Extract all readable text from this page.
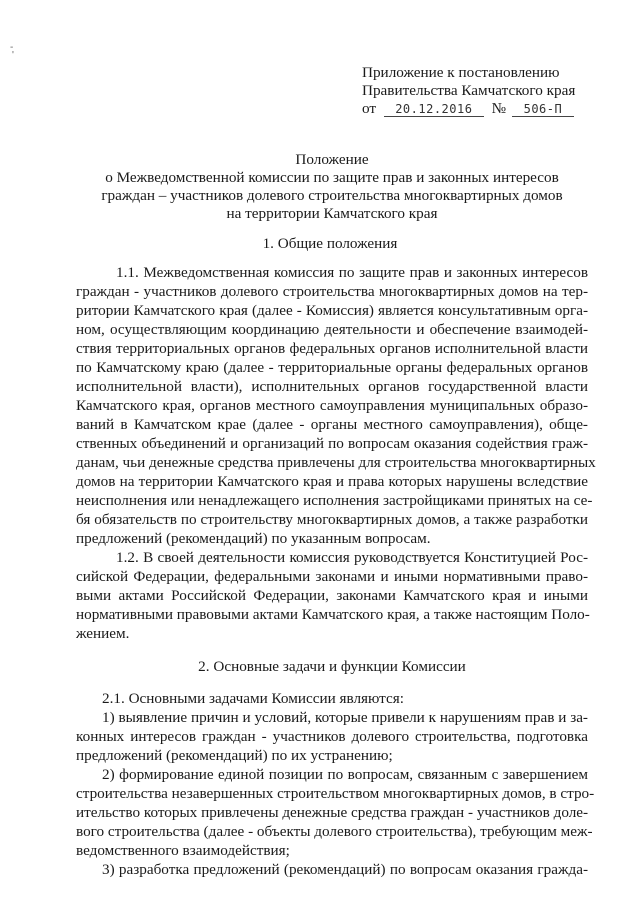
-
'
Приложение к постановлению
Правительства Камчатского края
от 20.12.2016 № 506-П
Положение
о Межведомственной комиссии по защите прав и законных интересов
граждан – участников долевого строительства многоквартирных домов
на территории Камчатского края
1. Общие положения
1.1. Межведомственная комиссия по защите прав и законных интересов
граждан - участников долевого строительства многоквартирных домов на тер-
ритории Камчатского края (далее - Комиссия) является консультативным орга-
ном, осуществляющим координацию деятельности и обеспечение взаимодей-
ствия территориальных органов федеральных органов исполнительной власти
по Камчатскому краю (далее - территориальные органы федеральных органов
исполнительной власти), исполнительных органов государственной власти
Камчатского края, органов местного самоуправления муниципальных образо-
ваний в Камчатском крае (далее - органы местного самоуправления), обще-
ственных объединений и организаций по вопросам оказания содействия граж-
данам, чьи денежные средства привлечены для строительства многоквартирных
домов на территории Камчатского края и права которых нарушены вследствие
неисполнения или ненадлежащего исполнения застройщиками принятых на се-
бя обязательств по строительству многоквартирных домов, а также разработки
предложений (рекомендаций) по указанным вопросам.
1.2. В своей деятельности комиссия руководствуется Конституцией Рос-
сийской Федерации, федеральными законами и иными нормативными право-
выми актами Российской Федерации, законами Камчатского края и иными
нормативными правовыми актами Камчатского края, а также настоящим Поло-
жением.
2. Основные задачи и функции Комиссии
2.1. Основными задачами Комиссии являются:
1) выявление причин и условий, которые привели к нарушениям прав и за-
конных интересов граждан - участников долевого строительства, подготовка
предложений (рекомендаций) по их устранению;
2) формирование единой позиции по вопросам, связанным с завершением
строительства незавершенных строительством многоквартирных домов, в стро-
ительство которых привлечены денежные средства граждан - участников доле-
вого строительства (далее - объекты долевого строительства), требующим меж-
ведомственного взаимодействия;
3) разработка предложений (рекомендаций) по вопросам оказания гражда-
